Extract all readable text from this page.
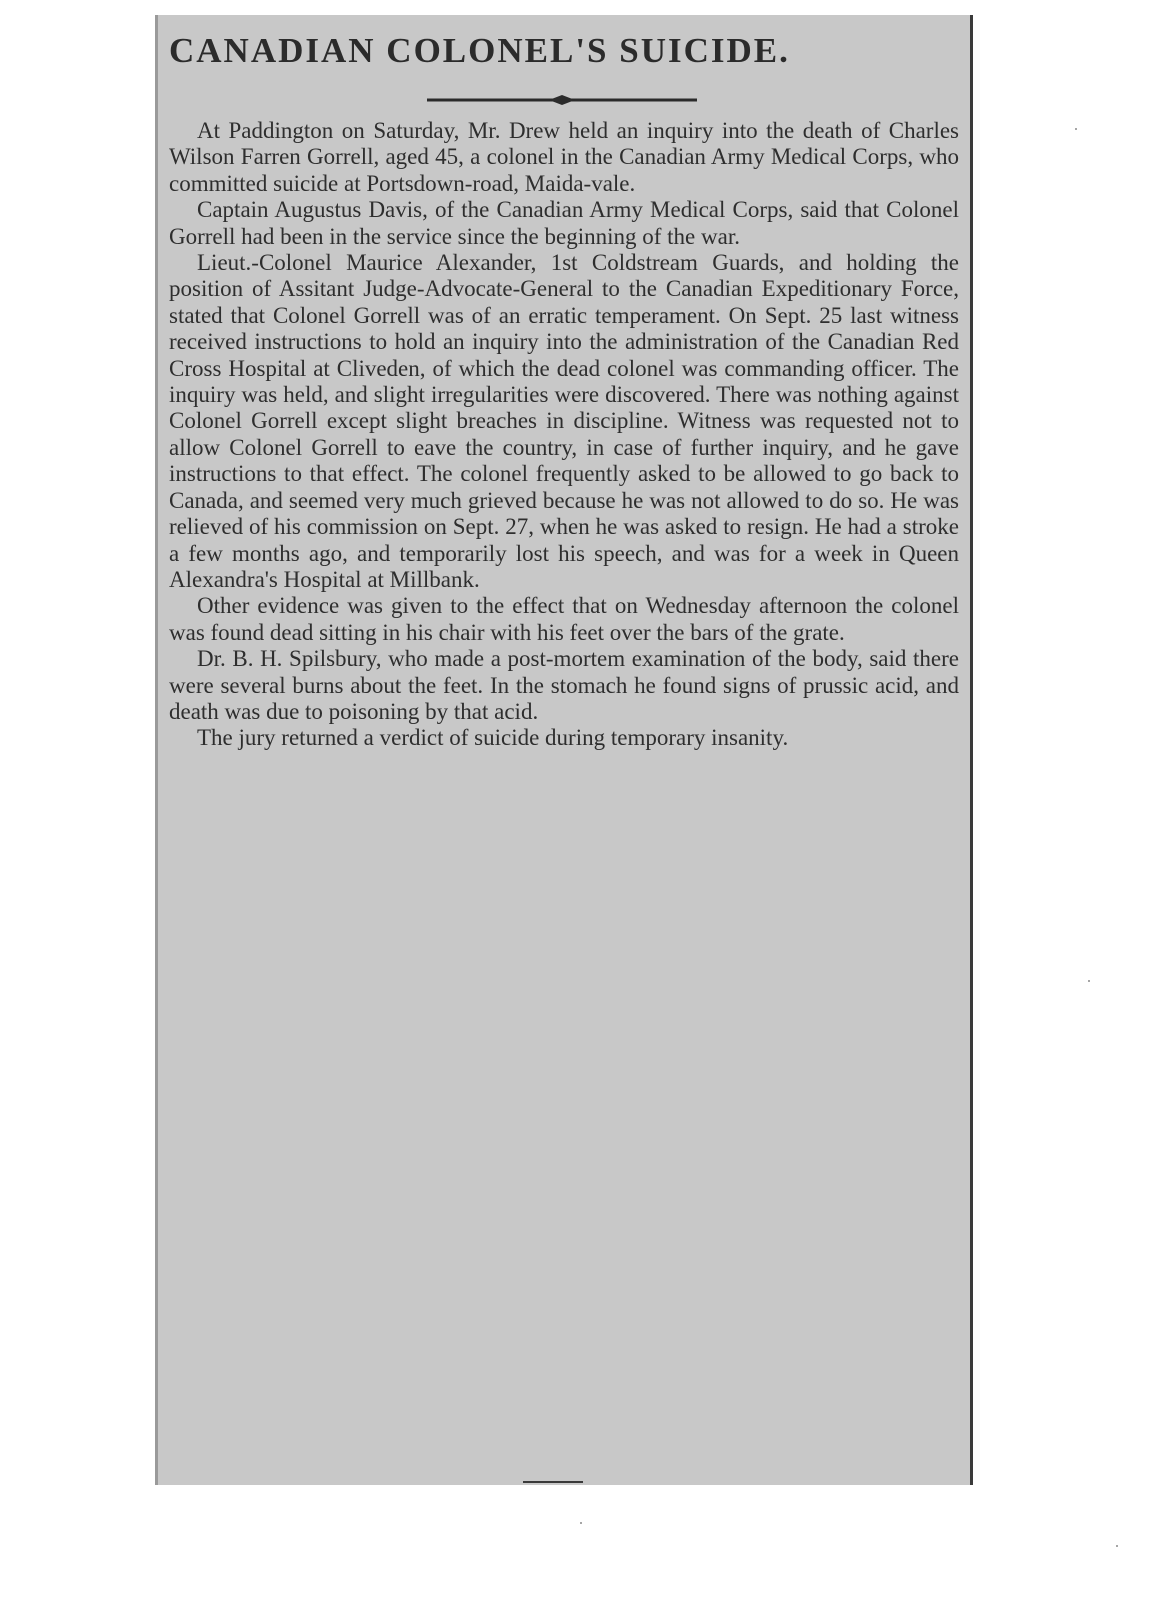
CANADIAN COLONEL'S SUICIDE.

At Paddington on Saturday, Mr. Drew held an inquiry into the death of Charles Wilson Farren Gorrell, aged 45, a colonel in the Canadian Army Medical Corps, who committed suicide at Portsdown-road, Maida-vale.

Captain Augustus Davis, of the Canadian Army Medical Corps, said that Colonel Gorrell had been in the service since the beginning of the war.

Lieut.-Colonel Maurice Alexander, 1st Coldstream Guards, and holding the position of Assitant Judge-Advocate-General to the Canadian Expeditionary Force, stated that Colonel Gorrell was of an erratic temperament. On Sept. 25 last witness received instructions to hold an inquiry into the administration of the Canadian Red Cross Hospital at Cliveden, of which the dead colonel was commanding officer. The inquiry was held, and slight irregularities were discovered. There was nothing against Colonel Gorrell except slight breaches in discipline. Witness was requested not to allow Colonel Gorrell to eave the country, in case of further inquiry, and he gave instructions to that effect. The colonel frequently asked to be allowed to go back to Canada, and seemed very much grieved because he was not allowed to do so. He was relieved of his commission on Sept. 27, when he was asked to resign. He had a stroke a few months ago, and temporarily lost his speech, and was for a week in Queen Alexandra's Hospital at Millbank.

Other evidence was given to the effect that on Wednesday afternoon the colonel was found dead sitting in his chair with his feet over the bars of the grate.

Dr. B. H. Spilsbury, who made a post-mortem examination of the body, said there were several burns about the feet. In the stomach he found signs of prussic acid, and death was due to poisoning by that acid.

The jury returned a verdict of suicide during temporary insanity.
